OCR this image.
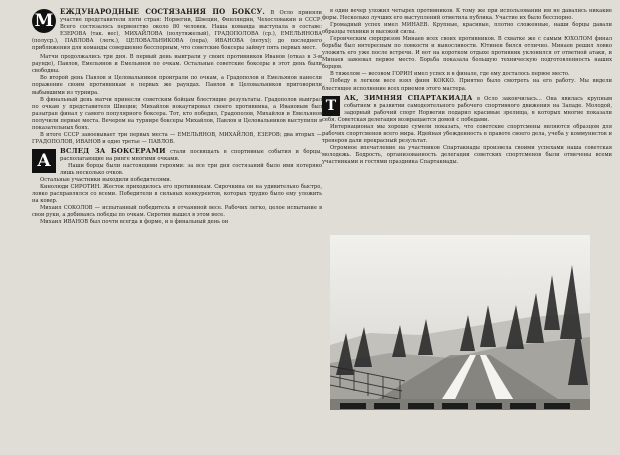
М ЕЖДУНАРОДНЫЕ СОСТЯЗАНИЯ ПО БОКСУ. В Осло приняли участие представители пяти стран: Норвегии, Швеции, Финляндии, Чехословакии и СССР. Всего состязалось первенство около 80 человек. Наша команда выступала в составе: ЕЗЕРОВА (так. вес), МИХАЙЛОВА (полутяжелый), ГРАДОПОЛОВА (ср.), ЕМЕЛЬЯНОВА (полуср.), ПАВЛОВА (легк.), ЦЕЛОВАЛЬНИКОВА (пера), ИВАНОВА (петух); до последнего приближения для команды совершенно бесспорным, что советские боксеры займут пять первых мест.

Матчи продолжались три дня. В первый день выиграли у своих противников Иванов (отказ в 3-м раунде), Павлов, Емельянов и Емельянов по очкам. Остальные советские боксеры в этот день были свободны.

Во второй день Павлов и Целовальников проиграли по очкам, а Градополов и Емельянов нанесли поражение своим противникам в первых же раундах. Павлов и Целовальников приговорили выбывшими из турнира.

В финальный день матчи принесли советским бойцам блестящие результаты. Градополов выиграл по очкам у представителя Швеции; Михайлов нокаутировал своего противника, а Ивановым был разыгран финал у самого популярного боксера. Тот, кто победил, Градополов, Михайлов и Емельянов получили первые места. Вечером на турнире боксеры Михайлов, Павлов и Целовальников выступили в показательных боях.

В итоге СССР завоевывает три первых места — ЕМЕЛЬЯНОВ, МИХАЙЛОВ, ЕЗЕРОВ; два вторых — ГРАДОПОЛОВ, ИВАНОВ и одно третье — ПАВЛОВ.

А	ВСЛЕД ЗА БОКСЕРАМИ стали посвящать в спортивные события и борцы, располагающие на ринге многими очками.

Наши борцы были настоящими героями: за все три дня состязаний было ими потеряно лишь несколько очков.

Остальные участники выходили победителями.

Кинолюди СИРОТИН. Жесток приходилось его противникам. Сирочкина он на удивительно быстро, ловко расправлялся со всеми. Победители в сильных конкурентов, которых трудно было ему уложить на ковер.

Михаил СОКОЛОВ — испытанный победитель в отчаянной весе. Рабочих легко, целое испытание в свои руки, а добиваясь победы по очкам. Сиротин вышел в этом весе.

Михаил ИВАНОВ был почти всегда в форме, и в финальный день он

в один вечер уложил четырех противников. К тому же при использовании им не давались никакие форы. Несколько лучших его выступлений отметила публика. Участие их было бесспорно.

Громадный успех имел МИНАЕВ. Крупные, красивые, плотно сложенные, наши борцы давали образцы техники и высокой силы.

Героическим сюрпризом Минаев всех своих противников. В схватке же с самым ЮХОЛОМ финал борьбы был интересным по ловкости и выносливости. Ютинен бился отлично. Минаев решил ловко уложить его уже после встречи. И вот на коротком отдыхе противник уклонился от ответной атаки, и Минаев завоевал первое место. Борьба показала большую техническую подготовленность наших борцов.

В тяжелом — весовом ГОРИН имел успех и в финале, где ему досталось первое место.

Победу в легком весе взял финн КОККО. Приятно было смотреть на его работу. Мы видели блестящее исполнение всех приемов этого мастера.

Т	АК, ЗИМНЯЯ СПАРТАКИАДА в Осло закончилась... Она явилась крупным событием в развитии самодеятельного рабочего спортивного движения на Западе. Молодой, задорный рабочий спорт Норвегии подарил красивые зрелища, в которых многие показали себя. Советская делегация возвращается домой с победами.

Интернационал мы хорошо сумели показать, что советские спортсмены являются образцом для рабочих спортсменов всего мира. Идейная убежденность в правоте своего дела, учеба у коммунистов и тренеров дали прекрасный результат.

Огромное впечатление на участников Спартакиады произвела своими успехами наша советская молодежь. Бодрость, организованность делегации советских спортсменов были отмечены всеми участниками и гостями праздника Спартакиады.
